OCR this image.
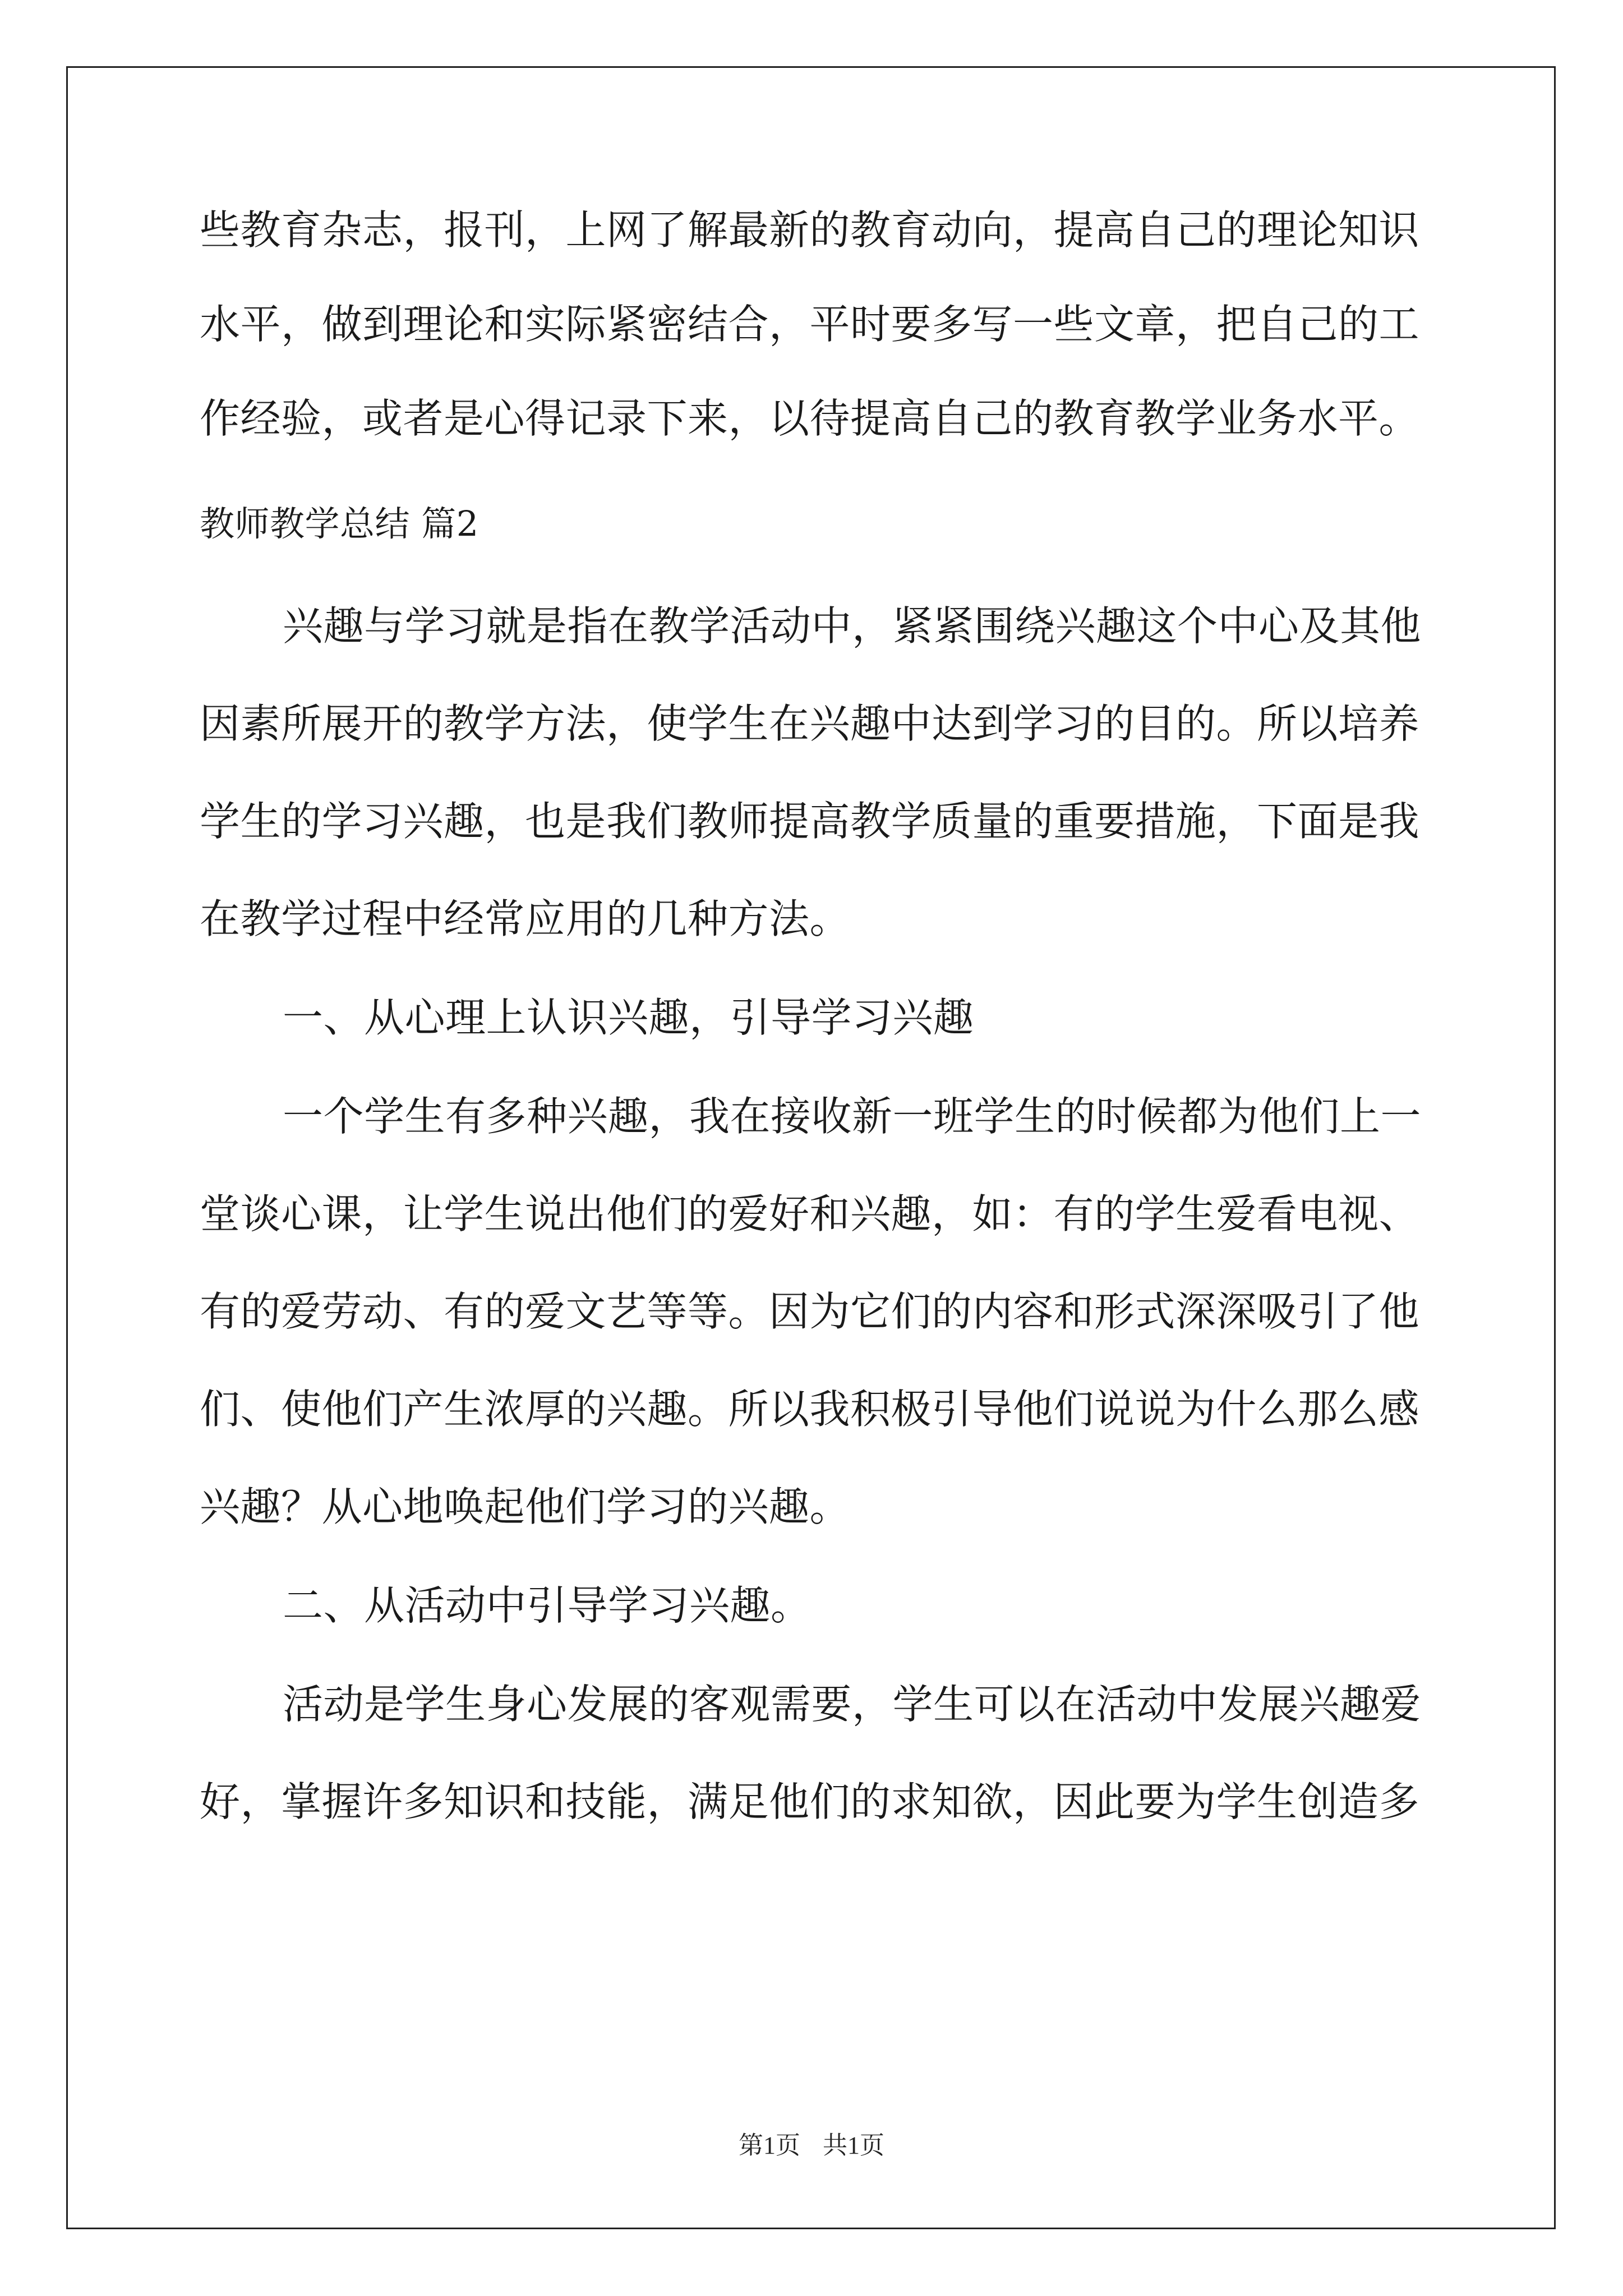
些教育杂志，报刊，上网了解最新的教育动向，提高自己的理论知识
水平，做到理论和实际紧密结合，平时要多写一些文章，把自己的工
作经验，或者是心得记录下来，以待提高自己的教育教学业务水平。
教师教学总结 篇2
兴趣与学习就是指在教学活动中，紧紧围绕兴趣这个中心及其他
因素所展开的教学方法，使学生在兴趣中达到学习的目的。所以培养
学生的学习兴趣，也是我们教师提高教学质量的重要措施，下面是我
在教学过程中经常应用的几种方法。
一、从心理上认识兴趣，引导学习兴趣
一个学生有多种兴趣，我在接收新一班学生的时候都为他们上一
堂谈心课，让学生说出他们的爱好和兴趣，如：有的学生爱看电视、
有的爱劳动、有的爱文艺等等。因为它们的内容和形式深深吸引了他
们、使他们产生浓厚的兴趣。所以我积极引导他们说说为什么那么感
兴趣？从心地唤起他们学习的兴趣。
二、从活动中引导学习兴趣。
活动是学生身心发展的客观需要，学生可以在活动中发展兴趣爱
好，掌握许多知识和技能，满足他们的求知欲，因此要为学生创造多
第1页 共1页
